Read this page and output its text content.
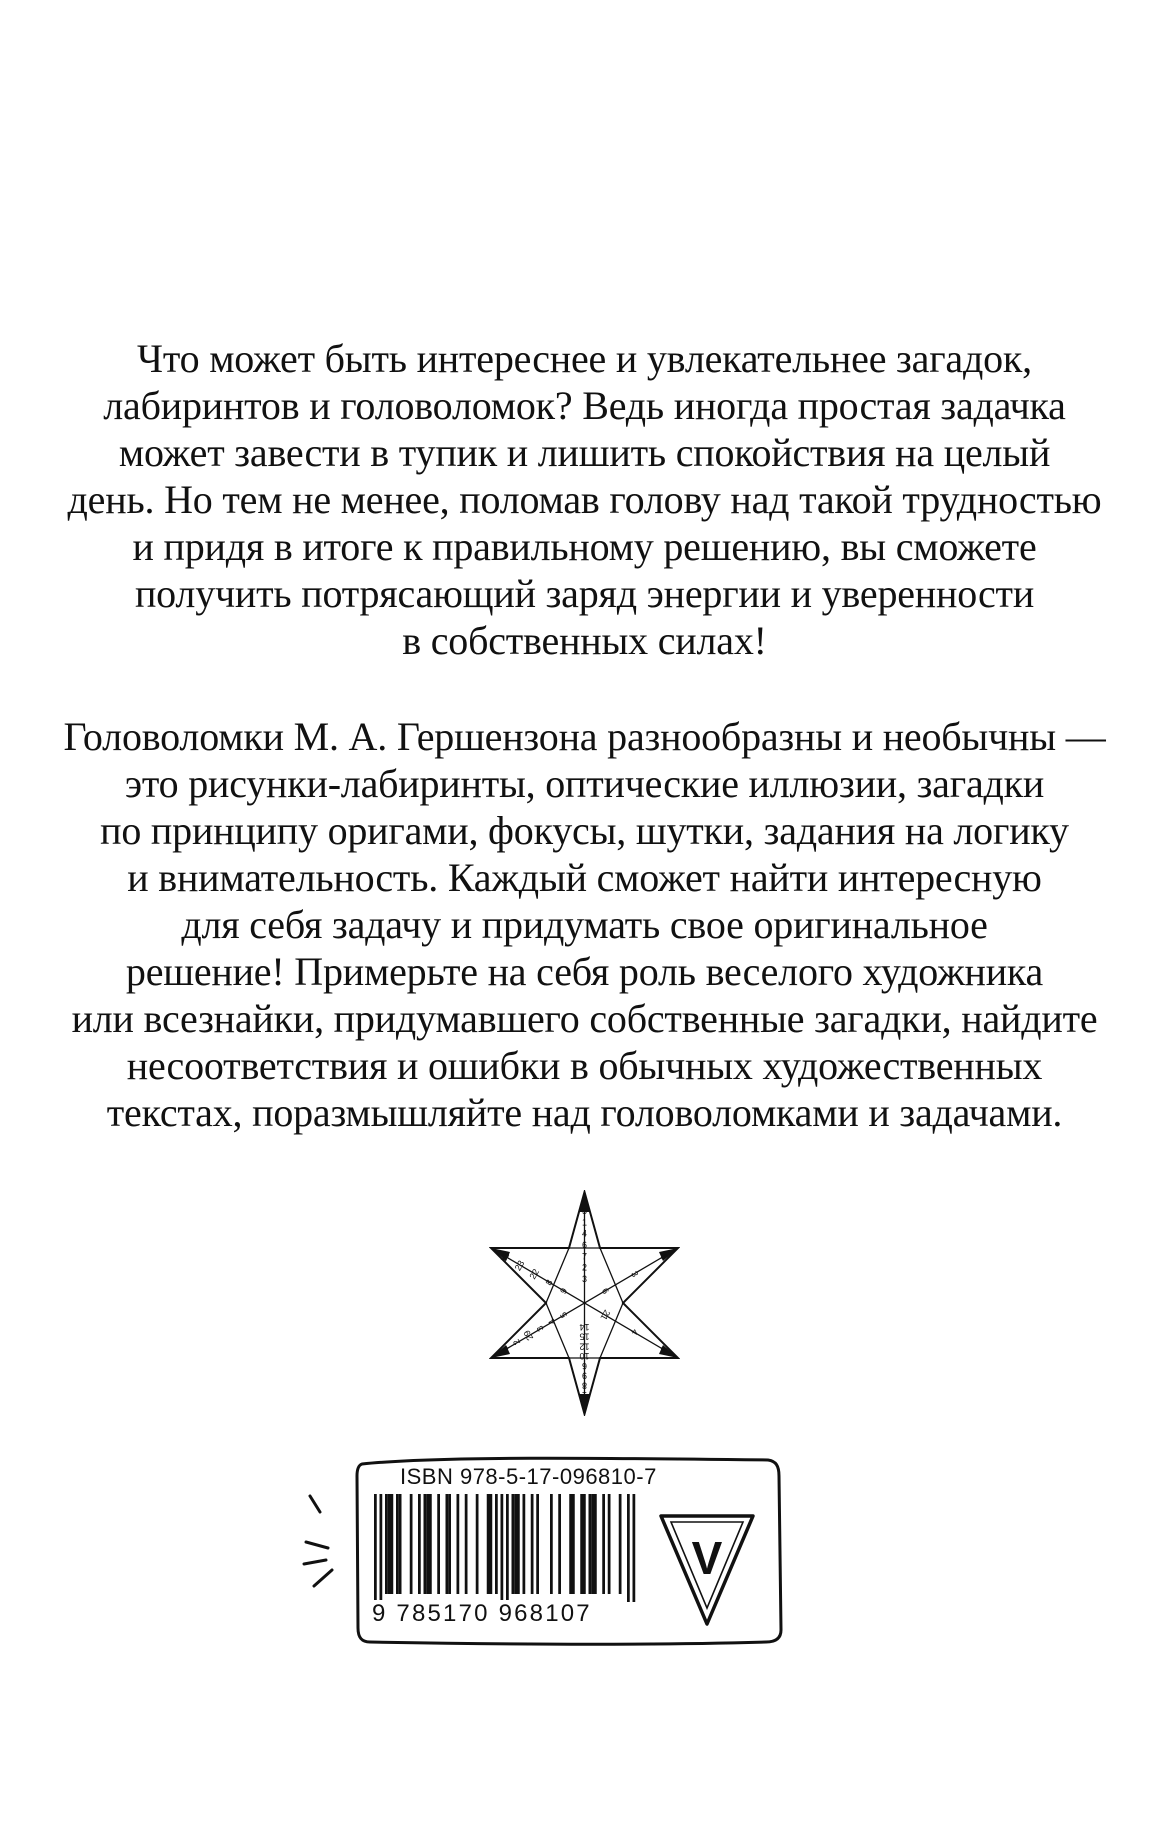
Что может быть интереснее и увлекательнее загадок,
лабиринтов и головоломок? Ведь иногда простая задачка
может завести в тупик и лишить спокойствия на целый
день. Но тем не менее, поломав голову над такой трудностью
и придя в итоге к правильному решению, вы сможете
получить потрясающий заряд энергии и уверенности
в собственных силах!
Головоломки М. А. Гершензона разнообразны и необычны —
это рисунки-лабиринты, оптические иллюзии, загадки
по принципу оригами, фокусы, шутки, задания на логику
и внимательность. Каждый сможет найти интересную
для себя задачу и придумать свое оригинальное
решение! Примерьте на себя роль веселого художника
или всезнайки, придумавшего собственные загадки, найдите
несоответствия и ошибки в обычных художественных
текстах, поразмышляйте над головоломками и задачами.
3
2
7
6
4
1
5
6
3
5
21
4
3
14
15
12
10
6
9
8
1
5
4
3
29
2
1
9
8
22
23
18
ISBN 978-5-17-096810-7
9 785170 968107
V
